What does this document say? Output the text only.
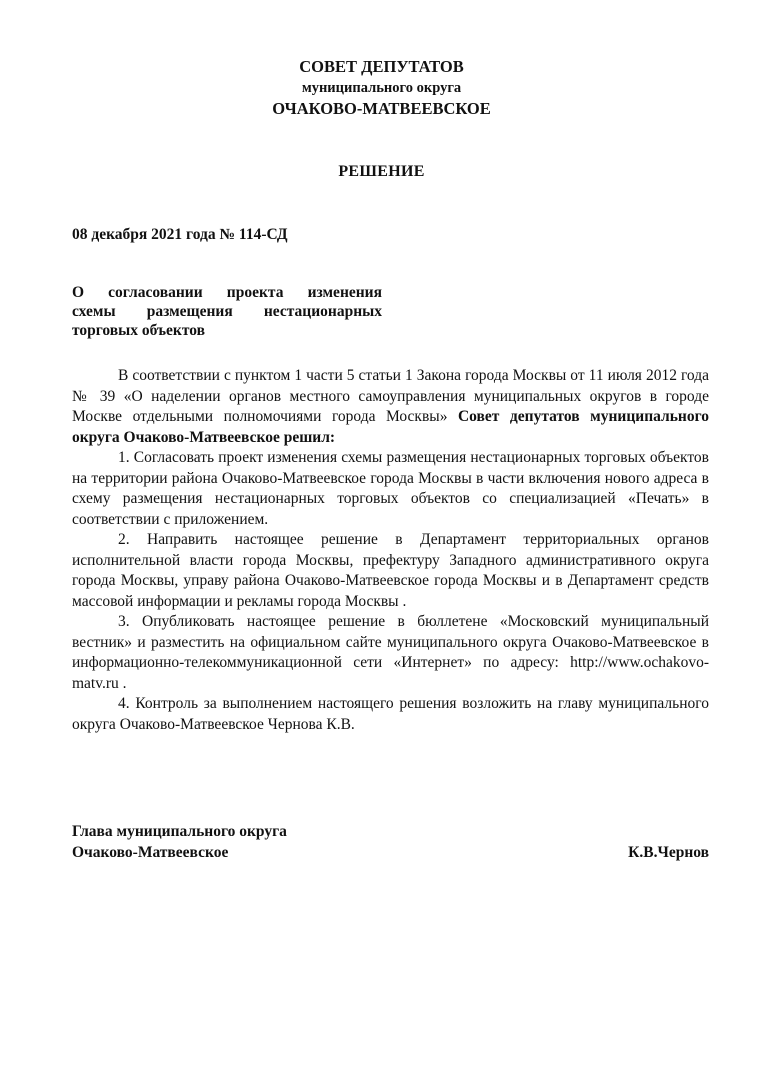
СОВЕТ ДЕПУТАТОВ
муниципального округа
ОЧАКОВО-МАТВЕЕВСКОЕ
РЕШЕНИЕ
08 декабря 2021 года № 114-СД
О согласовании проекта изменения
схемы размещения нестационарных
торговых объектов

В соответствии с пунктом 1 части 5 статьи 1 Закона города Москвы от 11 июля 2012 года № 39 «О наделении органов местного самоуправления муниципальных округов в городе Москве отдельными полномочиями города Москвы» Совет депутатов муниципального округа Очаково-Матвеевское решил:

1. Согласовать проект изменения схемы размещения нестационарных торговых объектов на территории района Очаково-Матвеевское города Москвы в части включения нового адреса в схему размещения нестационарных торговых объектов со специализацией «Печать» в соответствии с приложением.

2. Направить настоящее решение в Департамент территориальных органов исполнительной власти города Москвы, префектуру Западного административного округа города Москвы, управу района Очаково-Матвеевское города Москвы и в Департамент средств массовой информации и рекламы города Москвы .

3. Опубликовать настоящее решение в бюллетене «Московский муниципальный вестник» и разместить на официальном сайте муниципального округа Очаково-Матвеевское в информационно-телекоммуникационной сети «Интернет» по адресу: http://www.ochakovo-matv.ru .

4. Контроль за выполнением настоящего решения возложить на главу муниципального округа Очаково-Матвеевское Чернова К.В.

Глава муниципального округа
Очаково-Матвеевское	К.В.Чернов
